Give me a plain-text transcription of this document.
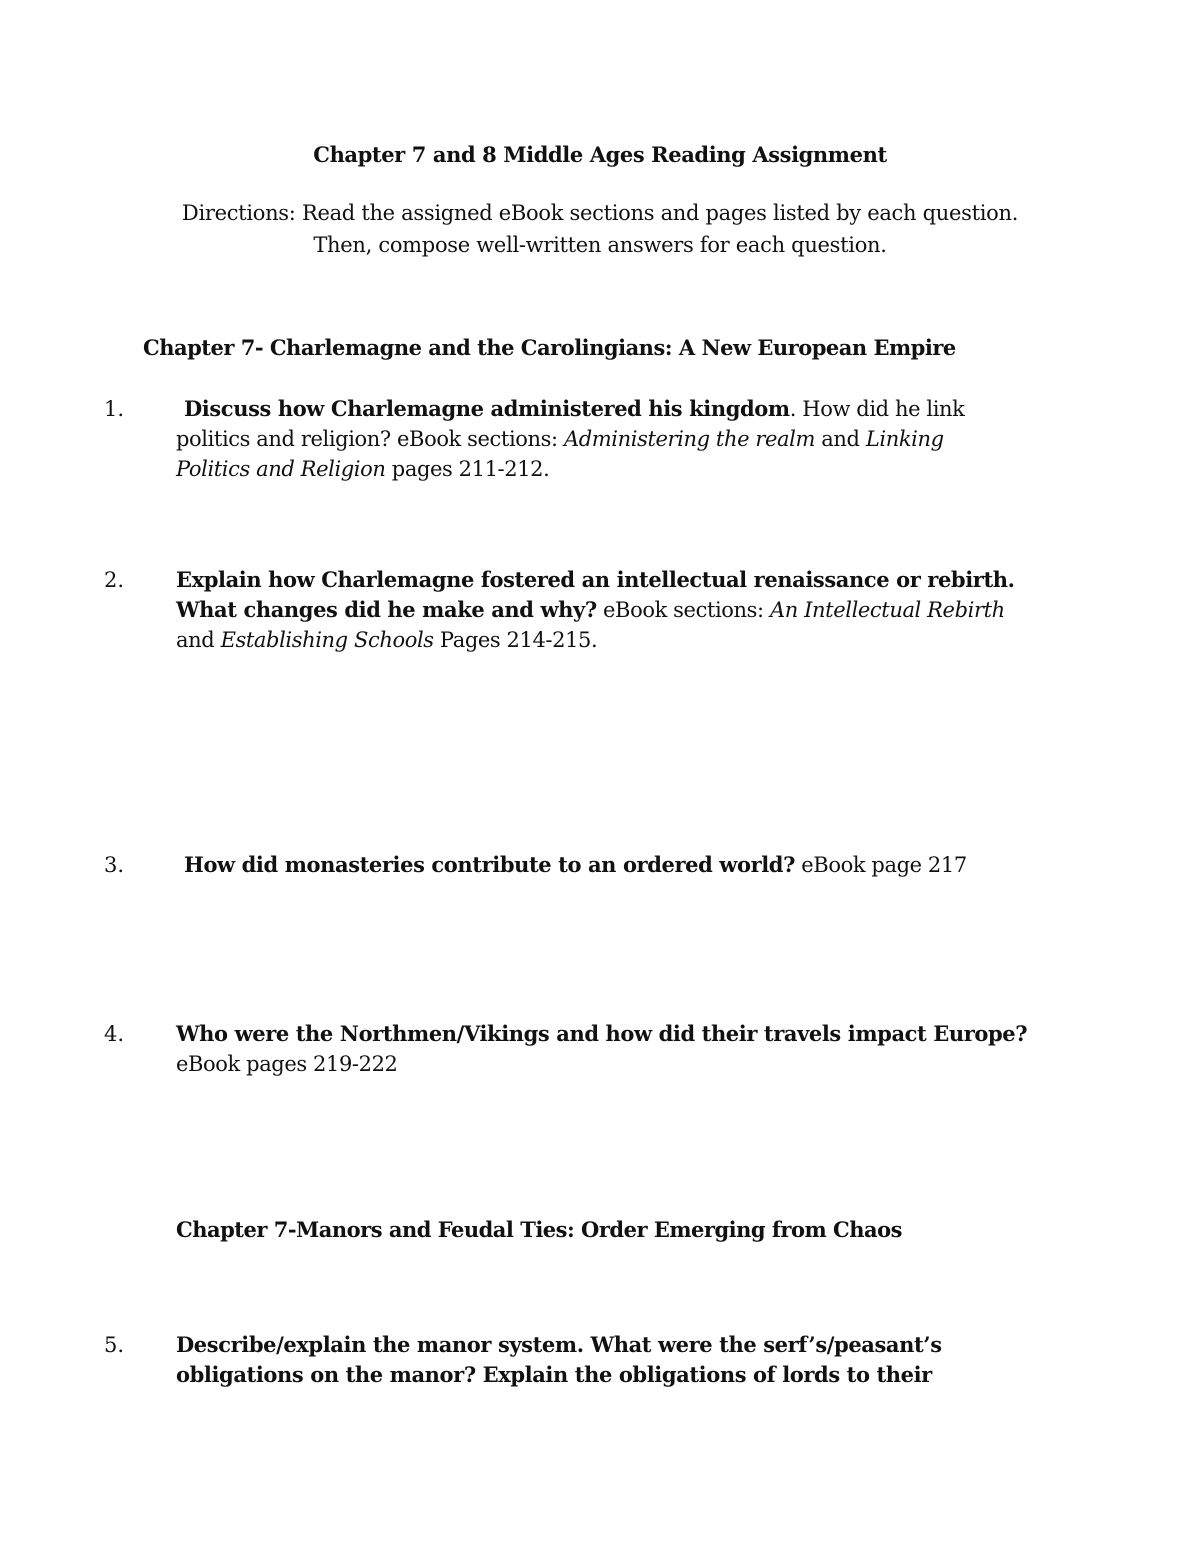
Chapter 7 and 8 Middle Ages Reading Assignment
Directions: Read the assigned eBook sections and pages listed by each question.
Then, compose well-written answers for each question.
Chapter 7- Charlemagne and the Carolingians: A New European Empire
1.	Discuss how Charlemagne administered his kingdom. How did he link
politics and religion? eBook sections: Administering the realm and Linking
Politics and Religion pages 211-212.
2. Explain how Charlemagne fostered an intellectual renaissance or rebirth.
What changes did he make and why? eBook sections: An Intellectual Rebirth
and Establishing Schools Pages 214-215.
3.	How did monasteries contribute to an ordered world? eBook page 217
4. Who were the Northmen/Vikings and how did their travels impact Europe?
eBook pages 219-222
Chapter 7-Manors and Feudal Ties: Order Emerging from Chaos
5. Describe/explain the manor system. What were the serf’s/peasant’s
obligations on the manor? Explain the obligations of lords to their
